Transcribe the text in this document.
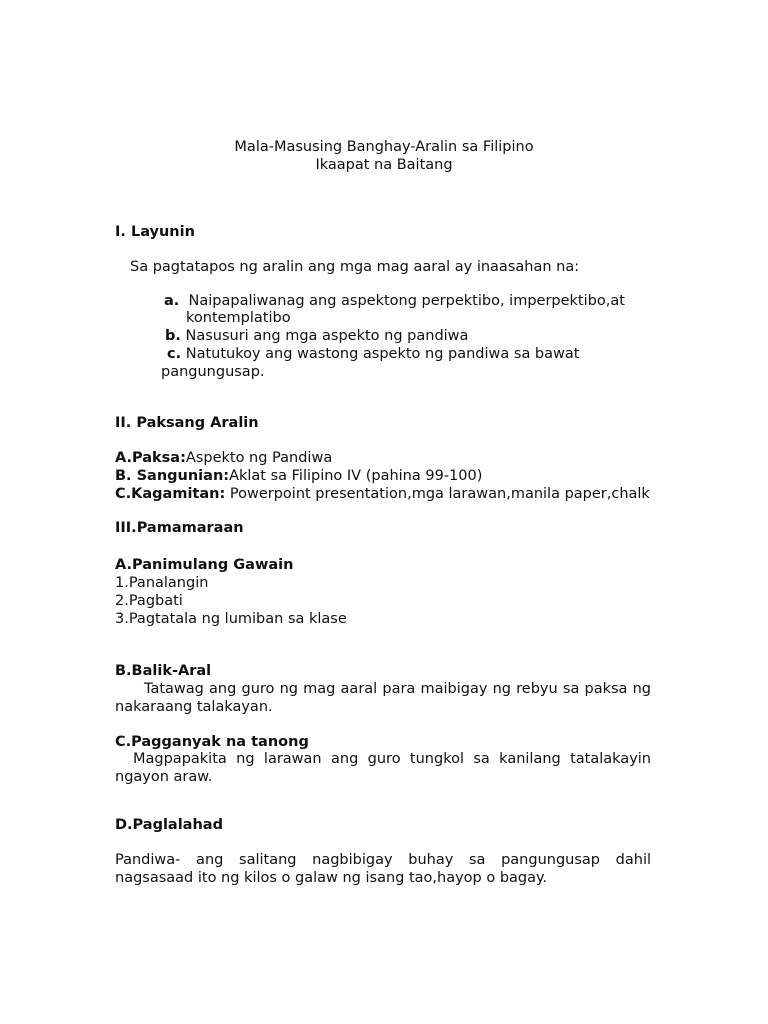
Mala-Masusing Banghay-Aralin sa Filipino
Ikaapat na Baitang
I. Layunin
Sa pagtatapos ng aralin ang mga mag aaral ay inaasahan na:
a. Naipapaliwanag ang aspektong perpektibo, imperpektibo,at
kontemplatibo
b. Nasusuri ang mga aspekto ng pandiwa
c. Natutukoy ang wastong aspekto ng pandiwa sa bawat
pangungusap.
II. Paksang Aralin
A.Paksa:Aspekto ng Pandiwa
B. Sangunian:Aklat sa Filipino IV (pahina 99-100)
C.Kagamitan: Powerpoint presentation,mga larawan,manila paper,chalk
III.Pamamaraan
A.Panimulang Gawain
1.Panalangin
2.Pagbati
3.Pagtatala ng lumiban sa klase
B.Balik-Aral
Tatawag ang guro ng mag aaral para maibigay ng rebyu sa paksa ng nakaraang talakayan.
C.Pagganyak na tanong
Magpapakita ng larawan ang guro tungkol sa kanilang tatalakayin ngayon araw.
D.Paglalahad
Pandiwa- ang salitang nagbibigay buhay sa pangungusap dahil nagsasaad ito ng kilos o galaw ng isang tao,hayop o bagay.
